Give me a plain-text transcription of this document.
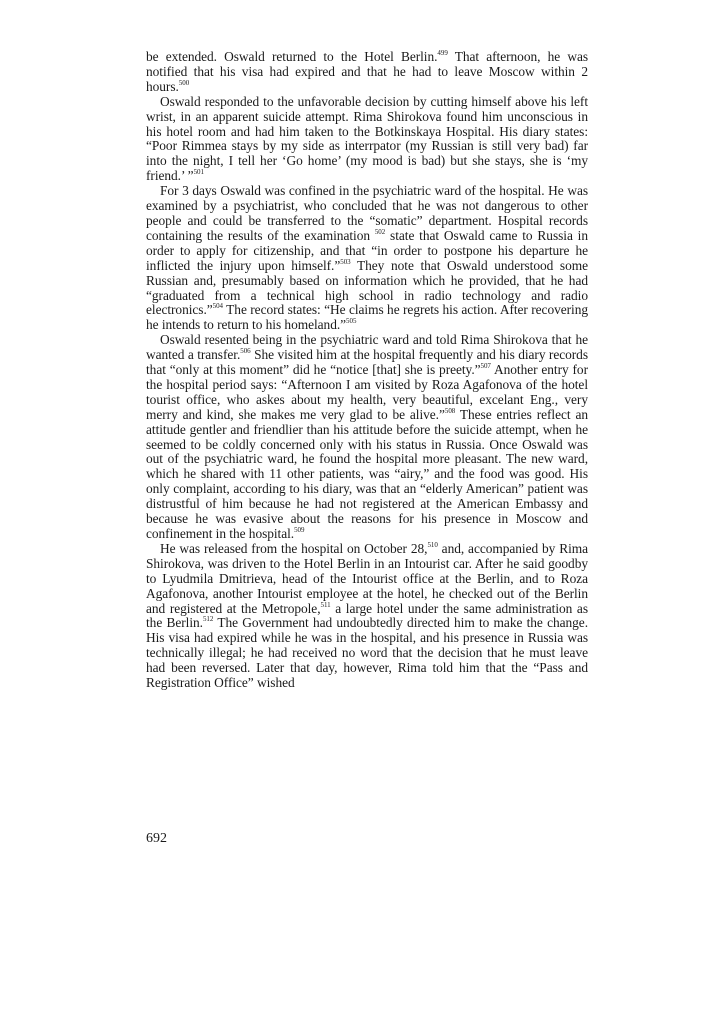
be extended. Oswald returned to the Hotel Berlin.$^{499}$ That afternoon, he was notified that his visa had expired and that he had to leave Moscow within 2 hours.$^{500}$

Oswald responded to the unfavorable decision by cutting himself above his left wrist, in an apparent suicide attempt. Rima Shirokova found him unconscious in his hotel room and had him taken to the Botkinskaya Hospital. His diary states: “Poor Rimmea stays by my side as interrpator (my Russian is still very bad) far into the night, I tell her ‘Go home’ (my mood is bad) but she stays, she is ‘my friend.’ ”$^{501}$

For 3 days Oswald was confined in the psychiatric ward of the hospital. He was examined by a psychiatrist, who concluded that he was not dangerous to other people and could be transferred to the “somatic” department. Hospital records containing the results of the examination $^{502}$ state that Oswald came to Russia in order to apply for citizenship, and that “in order to postpone his departure he inflicted the injury upon himself.”$^{503}$ They note that Oswald understood some Russian and, presumably based on information which he provided, that he had “graduated from a technical high school in radio technology and radio electronics.”$^{504}$ The record states: “He claims he regrets his action. After recovering he intends to return to his homeland.”$^{505}$

Oswald resented being in the psychiatric ward and told Rima Shirokova that he wanted a transfer.$^{506}$ She visited him at the hospital frequently and his diary records that “only at this moment” did he “notice [that] she is preety.”$^{507}$ Another entry for the hospital period says: “Afternoon I am visited by Roza Agafonova of the hotel tourist office, who askes about my health, very beautiful, excelant Eng., very merry and kind, she makes me very glad to be alive.”$^{508}$ These entries reflect an attitude gentler and friendlier than his attitude before the suicide attempt, when he seemed to be coldly concerned only with his status in Russia. Once Oswald was out of the psychiatric ward, he found the hospital more pleasant. The new ward, which he shared with 11 other patients, was “airy,” and the food was good. His only complaint, according to his diary, was that an “elderly American” patient was distrustful of him because he had not registered at the American Embassy and because he was evasive about the reasons for his presence in Moscow and confinement in the hospital.$^{509}$

He was released from the hospital on October 28,$^{510}$ and, accompanied by Rima Shirokova, was driven to the Hotel Berlin in an Intourist car. After he said goodby to Lyudmila Dmitrieva, head of the Intourist office at the Berlin, and to Roza Agafonova, another Intourist employee at the hotel, he checked out of the Berlin and registered at the Metropole,$^{511}$ a large hotel under the same administration as the Berlin.$^{512}$ The Government had undoubtedly directed him to make the change. His visa had expired while he was in the hospital, and his presence in Russia was technically illegal; he had received no word that the decision that he must leave had been reversed. Later that day, however, Rima told him that the “Pass and Registration Office” wished

692
